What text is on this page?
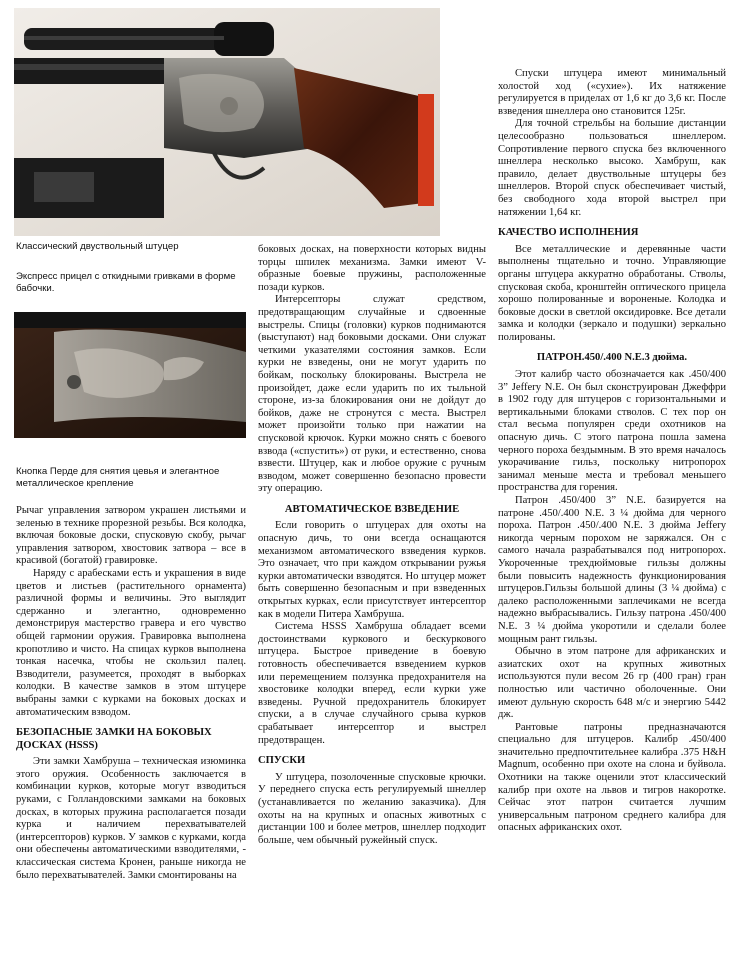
Классический двуствольный штуцер
Экспресс прицел с откидными гривками в форме бабочки.
Кнопка Перде для снятия цевья и элегантное металлическое крепление

Рычаг управления затвором украшен листьями и зеленью в технике прорезной резьбы. Вся колодка, включая боковые доски, спусковую скобу, рычаг управления затвором, хвостовик затвора – все в красивой (богатой) гравировке.

Наряду с арабесками есть и украшения в виде цветов и листьев (растительного орнамента) различной формы и величины. Это выглядит сдержанно и элегантно, одновременно демонстрируя мастерство гравера и его чувство общей гармонии оружия. Гравировка выполнена кропотливо и чисто. На спицах курков выполнена тонкая насечка, чтобы не скользил палец. Взводители, разумеется, проходят в выборках колодки. В качестве замков в этом штуцере выбраны замки с курками на боковых досках и автоматическим взводом.

БЕЗОПАСНЫЕ ЗАМКИ НА БОКОВЫХ ДОСКАХ (HSSS)

Эти замки Хамбруша – техническая изюминка этого оружия. Особенность заключается в комбинации курков, которые могут взводиться руками, с Голландовскими замками на боковых досках, в которых пружина располагается позади курка и наличием перехватывателей (интерсепторов) курков. У замков с курками, когда они обеспечены автоматическими взводителями, - классическая система Кронен, раньше никогда не было перехватывателей. Замки смонтированы на

боковых досках, на поверхности которых видны торцы шпилек механизма. Замки имеют V- образные боевые пружины, расположенные позади курков.

Интерсепторы служат средством, предотвращающим случайные и сдвоенные выстрелы. Спицы (головки) курков поднимаются (выступают) над боковыми досками. Они служат четкими указателями состояния замков. Если курки не взведены, они не могут ударить по бойкам, поскольку блокированы. Выстрела не произойдет, даже если ударить по их тыльной стороне, из-за блокирования они не дойдут до бойков, даже не стронутся с места. Выстрел может произойти только при нажатии на спусковой крючок. Курки можно снять с боевого взвода («спустить») от руки, и естественно, снова взвести. Штуцер, как и любое оружие с ручным взводом, может совершенно безопасно провести эту операцию.

АВТОМАТИЧЕСКОЕ ВЗВЕДЕНИЕ

Если говорить о штуцерах для охоты на опасную дичь, то они всегда оснащаются механизмом автоматического взведения курков. Это означает, что при каждом открывании ружья курки автоматически взводятся. Но штуцер может быть совершенно безопасным и при взведенных открытых курках, если присутствует интерсептор как в модели Питера Хамбруша.

Система HSSS Хамбруша обладает всеми достоинствами куркового и бескуркового штуцера. Быстрое приведение в боевую готовность обеспечивается взведением курков или перемещением ползунка предохранителя на хвостовике колодки вперед, если курки уже взведены. Ручной предохранитель блокирует спуски, а в случае случайного срыва курков срабатывает интерсептор и выстрел предотвращен.

СПУСКИ

У штуцера, позолоченные спусковые крючки. У переднего спуска есть регулируемый шнеллер (устанавливается по желанию заказчика). Для охоты на на крупных и опасных животных с дистанции 100 и более метров, шнеллер подходит больше, чем обычный ружейный спуск.

Спуски штуцера имеют минимальный холостой ход («сухие»). Их натяжение регулируется в приделах от 1,6 кг до 3,6 кг. После взведения шнеллера оно становится 125г.

Для точной стрельбы на большие дистанции целесообразно пользоваться шнеллером. Сопротивление первого спуска без включенного шнеллера несколько высоко. Хамбруш, как правило, делает двуствольные штуцеры без шнеллеров. Второй спуск обеспечивает чистый, без свободного хода второй выстрел при натяжении 1,64 кг.

КАЧЕСТВО ИСПОЛНЕНИЯ

Все металлические и деревянные части выполнены тщательно и точно. Управляющие органы штуцера аккуратно обработаны. Стволы, спусковая скоба, кронштейн оптического прицела хорошо полированные и вороненые. Колодка и боковые доски в светлой оксидировке. Все детали замка и колодки (зеркало и подушки) зеркально полированы.

ПАТРОН.450/.400 N.E.3 дюйма.

Этот калибр часто обозначается как .450/400 3” Jeffery N.E. Он был сконструирован Джеффри в 1902 году для штуцеров с горизонтальными и вертикальными блоками стволов. С тех пор он стал весьма популярен среди охотников на опасную дичь. С этого патрона пошла замена черного пороха бездымным. В это время началось укорачивание гильз, поскольку нитропорох занимал меньше места и требовал меньшего пространства для горения.

Патрон .450/400 3” N.E. базируется на патроне .450/.400 N.E. 3 ¼ дюйма для черного пороха. Патрон .450/.400 N.E. 3 дюйма Jeffery никогда черным порохом не заряжался. Он с самого начала разрабатывался под нитропорох. Укороченные трехдюймовые гильзы должны были повысить надежность функционирования штуцеров.Гильзы большой длины (3 ¼ дюйма) с далеко расположенными заплечиками не всегда надежно выбрасывались. Гильзу патрона .450/400 N.E. 3 ¼ дюйма укоротили и сделали более мощным рант гильзы.

Обычно в этом патроне для африканских и азиатских охот на крупных животных используются пули весом 26 гр (400 гран) гран полностью или частично оболоченные. Они имеют дульную скорость 648 м/с и энергию 5442 дж.

Рантовые патроны предназначаются специально для штуцеров. Калибр .450/400 значительно предпочтительнее калибра .375 H&H Magnum, особенно при охоте на слона и буйвола. Охотники на также оценили этот классический калибр при охоте на львов и тигров накоротке. Сейчас этот патрон считается лучшим универсальным патроном среднего калибра для опасных африканских охот.
